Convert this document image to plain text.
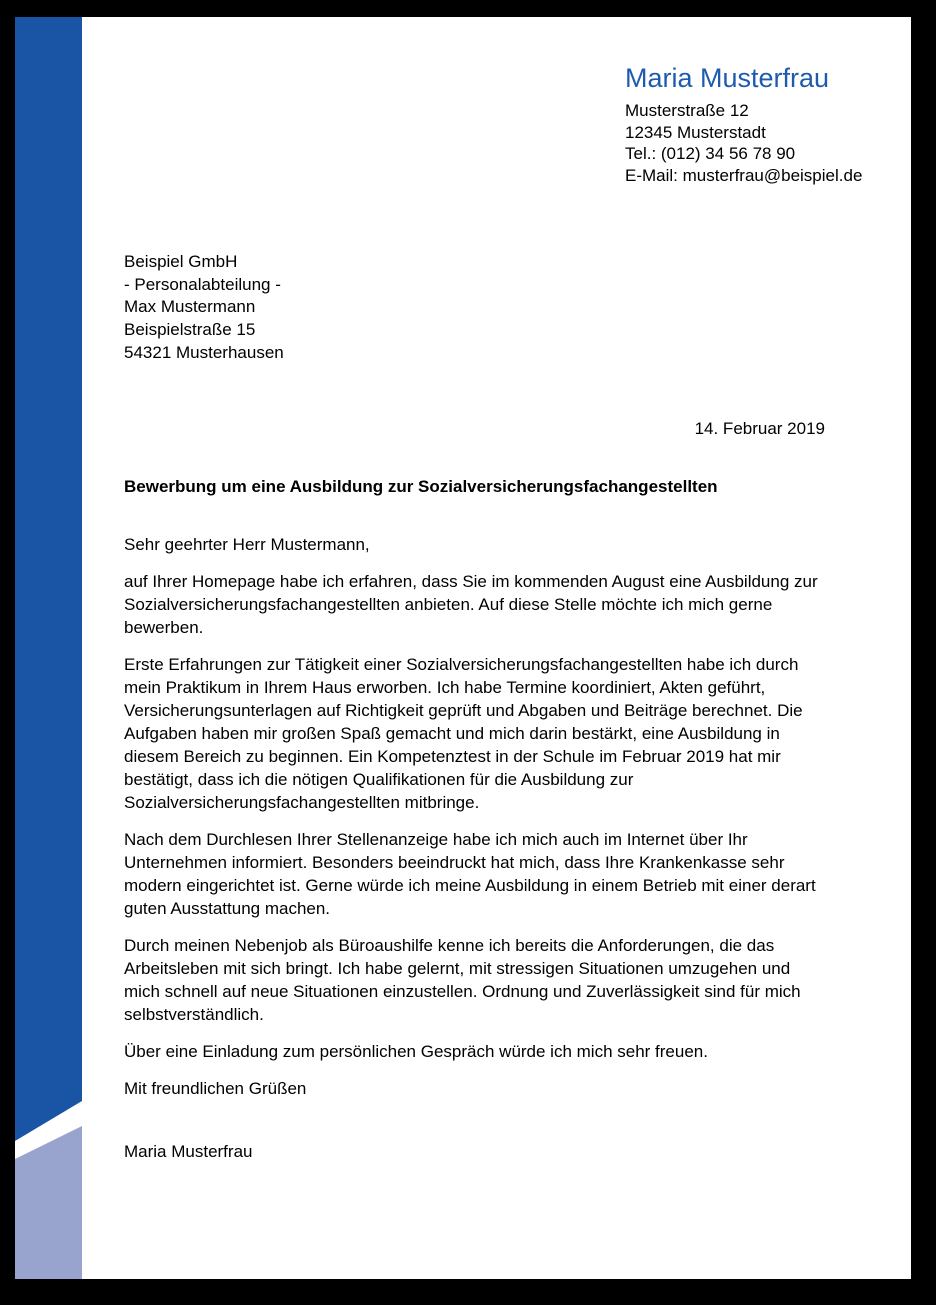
Maria Musterfrau
Musterstraße 12
12345 Musterstadt
Tel.: (012) 34 56 78 90
E-Mail: musterfrau@beispiel.de
Beispiel GmbH
- Personalabteilung -
Max Mustermann
Beispielstraße 15
54321 Musterhausen
14. Februar 2019
Bewerbung um eine Ausbildung zur Sozialversicherungsfachangestellten

Sehr geehrter Herr Mustermann,

auf Ihrer Homepage habe ich erfahren, dass Sie im kommenden August eine Ausbildung zur Sozialversicherungsfachangestellten anbieten. Auf diese Stelle möchte ich mich gerne bewerben.

Erste Erfahrungen zur Tätigkeit einer Sozialversicherungsfachangestellten habe ich durch mein Praktikum in Ihrem Haus erworben. Ich habe Termine koordiniert, Akten geführt, Versicherungsunterlagen auf Richtigkeit geprüft und Abgaben und Beiträge berechnet. Die Aufgaben haben mir großen Spaß gemacht und mich darin bestärkt, eine Ausbildung in diesem Bereich zu beginnen. Ein Kompetenztest in der Schule im Februar 2019 hat mir bestätigt, dass ich die nötigen Qualifikationen für die Ausbildung zur Sozialversicherungsfachangestellten mitbringe.

Nach dem Durchlesen Ihrer Stellenanzeige habe ich mich auch im Internet über Ihr Unternehmen informiert. Besonders beeindruckt hat mich, dass Ihre Krankenkasse sehr modern eingerichtet ist. Gerne würde ich meine Ausbildung in einem Betrieb mit einer derart guten Ausstattung machen.

Durch meinen Nebenjob als Büroaushilfe kenne ich bereits die Anforderungen, die das Arbeitsleben mit sich bringt. Ich habe gelernt, mit stressigen Situationen umzugehen und mich schnell auf neue Situationen einzustellen. Ordnung und Zuverlässigkeit sind für mich selbstverständlich.

Über eine Einladung zum persönlichen Gespräch würde ich mich sehr freuen.

Mit freundlichen Grüßen

Maria Musterfrau
